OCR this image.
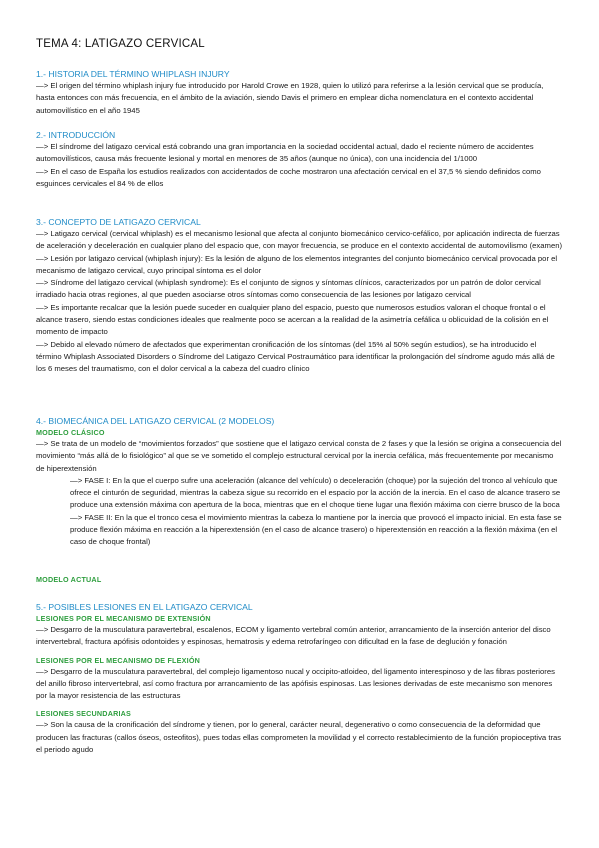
TEMA 4: LATIGAZO CERVICAL
1.- HISTORIA DEL TÉRMINO WHIPLASH INJURY

—> El origen del término whiplash injury fue introducido por Harold Crowe en 1928, quien lo utilizó para referirse a la lesión cervical que se producía, hasta entonces con más frecuencia, en el ámbito de la aviación, siendo Davis el primero en emplear dicha nomenclatura en el contexto accidental automovilístico en el año 1945

2.- INTRODUCCIÓN

—> El síndrome del latigazo cervical está cobrando una gran importancia en la sociedad occidental actual, dado el reciente número de accidentes automovilísticos, causa más frecuente lesional y mortal en menores de 35 años (aunque no única), con una incidencia del 1/1000

—> En el caso de España los estudios realizados con accidentados de coche mostraron una afectación cervical en el 37,5 % siendo definidos como esguinces cervicales el 84 % de ellos

3.- CONCEPTO DE LATIGAZO CERVICAL

—> Latigazo cervical (cervical whiplash) es el mecanismo lesional que afecta al conjunto biomecánico cervico-cefálico, por aplicación indirecta de fuerzas de aceleración y deceleración en cualquier plano del espacio que, con mayor frecuencia, se produce en el contexto accidental de automovilismo (examen)

—> Lesión por latigazo cervical (whiplash injury): Es la lesión de alguno de los elementos integrantes del conjunto biomecánico cervical provocada por el mecanismo de latigazo cervical, cuyo principal síntoma es el dolor

—> Síndrome del latigazo cervical (whiplash syndrome): Es el conjunto de signos y síntomas clínicos, caracterizados por un patrón de dolor cervical irradiado hacia otras regiones, al que pueden asociarse otros síntomas como consecuencia de las lesiones por latigazo cervical

—> Es importante recalcar que la lesión puede suceder en cualquier plano del espacio, puesto que numerosos estudios valoran el choque frontal o el alcance trasero, siendo estas condiciones ideales que realmente poco se acercan a la realidad de la asimetría cefálica u oblicuidad de la colisión en el momento de impacto

—> Debido al elevado número de afectados que experimentan cronificación de los síntomas (del 15% al 50% según estudios), se ha introducido el término Whiplash Associated Disorders o Síndrome del Latigazo Cervical Postraumático para identificar la prolongación del síndrome agudo más allá de los 6 meses del traumatismo, con el dolor cervical a la cabeza del cuadro clínico

4.- BIOMECÁNICA DEL LATIGAZO CERVICAL (2 MODELOS)
MODELO CLÁSICO

—> Se trata de un modelo de “movimientos forzados” que sostiene que el latigazo cervical consta de 2 fases y que la lesión se origina a consecuencia del movimiento “más allá de lo fisiológico” al que se ve sometido el complejo estructural cervical por la inercia cefálica, más frecuentemente por mecanismo de hiperextensión

—> FASE I: En la que el cuerpo sufre una aceleración (alcance del vehículo) o deceleración (choque) por la sujeción del tronco al vehículo que ofrece el cinturón de seguridad, mientras la cabeza sigue su recorrido en el espacio por la acción de la inercia. En el caso de alcance trasero se produce una extensión máxima con apertura de la boca, mientras que en el choque tiene lugar una flexión máxima con cierre brusco de la boca

—> FASE II: En la que el tronco cesa el movimiento mientras la cabeza lo mantiene por la inercia que provocó el impacto inicial. En esta fase se produce flexión máxima en reacción a la hiperextensión (en el caso de alcance trasero) o hiperextensión en reacción a la flexión máxima (en el caso de choque frontal)

MODELO ACTUAL
5.- POSIBLES LESIONES EN EL LATIGAZO CERVICAL
LESIONES POR EL MECANISMO DE EXTENSIÓN

—> Desgarro de la musculatura paravertebral, escalenos, ECOM y ligamento vertebral común anterior, arrancamiento de la inserción anterior del disco intervertebral, fractura apófisis odontoides y espinosas, hematrosis y edema retrofaríngeo con dificultad en la fase de deglución y fonación

LESIONES POR EL MECANISMO DE FLEXIÓN

—> Desgarro de la musculatura paravertebral, del complejo ligamentoso nucal y occipito-atloideo, del ligamento interespinoso y de las fibras posteriores del anillo fibroso intervertebral, así como fractura por arrancamiento de las apófisis espinosas. Las lesiones derivadas de este mecanismo son menores por la mayor resistencia de las estructuras

LESIONES SECUNDARIAS

—> Son la causa de la cronificación del síndrome y tienen, por lo general, carácter neural, degenerativo o como consecuencia de la deformidad que producen las fracturas (callos óseos, osteofitos), pues todas ellas comprometen la movilidad y el correcto restablecimiento de la función propioceptiva tras el periodo agudo
